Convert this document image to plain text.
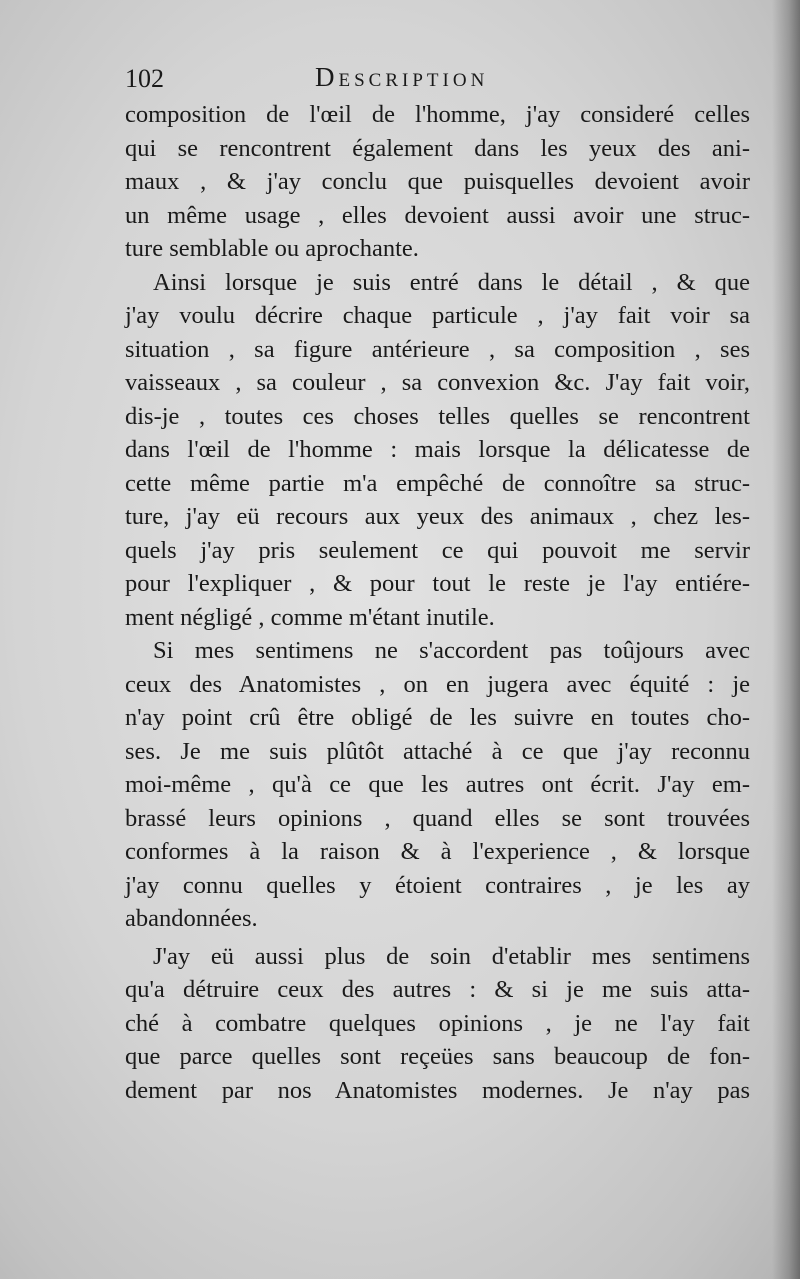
102	Description
composition de l'œil de l'homme, j'ay consideré celles
qui se rencontrent également dans les yeux des ani-
maux , & j'ay conclu que puisquelles devoient avoir
un même usage , elles devoient aussi avoir une struc-
ture semblable ou aprochante.
Ainsi lorsque je suis entré dans le détail , & que
j'ay voulu décrire chaque particule , j'ay fait voir sa
situation , sa figure antérieure , sa composition , ses
vaisseaux , sa couleur , sa convexion &c. J'ay fait voir,
dis-je , toutes ces choses telles quelles se rencontrent
dans l'œil de l'homme : mais lorsque la délicatesse de
cette même partie m'a empêché de connoître sa struc-
ture, j'ay eü recours aux yeux des animaux , chez les-
quels j'ay pris seulement ce qui pouvoit me servir
pour l'expliquer , & pour tout le reste je l'ay entiére-
ment négligé , comme m'étant inutile.
Si mes sentimens ne s'accordent pas toûjours avec
ceux des Anatomistes , on en jugera avec équité : je
n'ay point crû être obligé de les suivre en toutes cho-
ses. Je me suis plûtôt attaché à ce que j'ay reconnu
moi-même , qu'à ce que les autres ont écrit. J'ay em-
brassé leurs opinions , quand elles se sont trouvées
conformes à la raison & à l'experience , & lorsque
j'ay connu quelles y étoient contraires , je les ay
abandonnées.
J'ay eü aussi plus de soin d'etablir mes sentimens
qu'a détruire ceux des autres : & si je me suis atta-
ché à combatre quelques opinions , je ne l'ay fait
que parce quelles sont reçeües sans beaucoup de fon-
dement par nos Anatomistes modernes. Je n'ay pas
